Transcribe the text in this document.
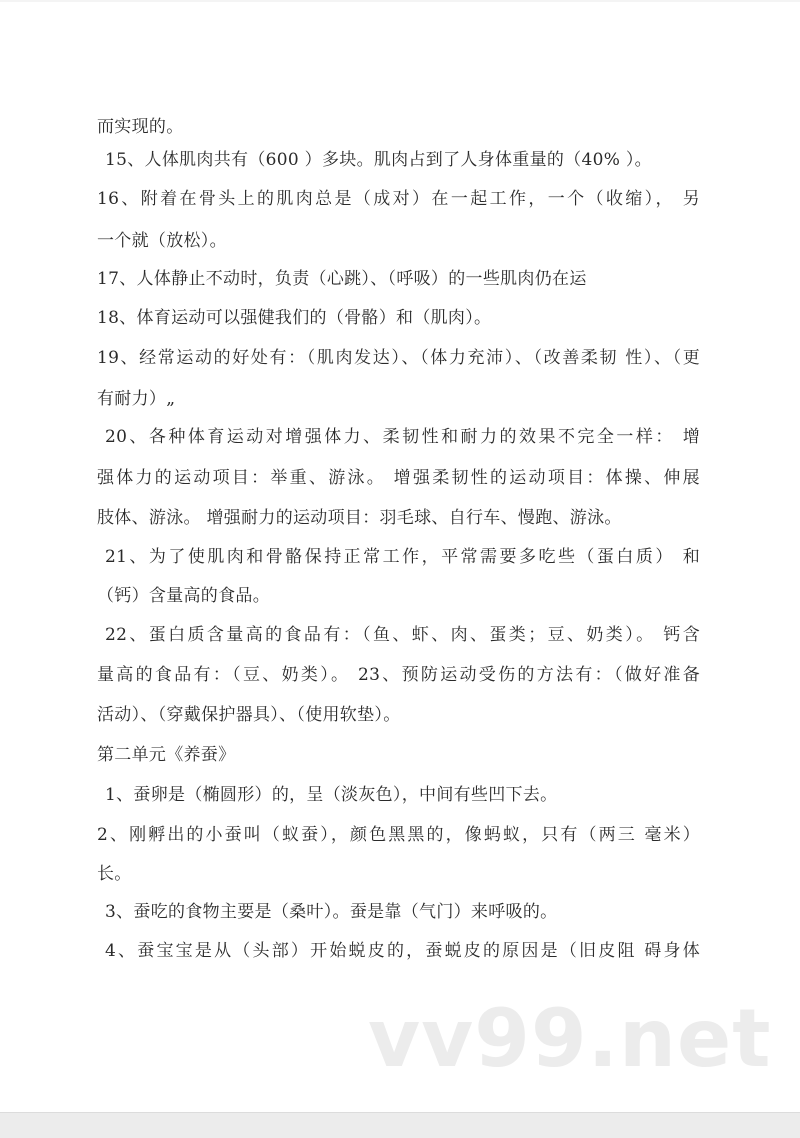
而实现的。
15、人体肌肉共有（600 ）多块。肌肉占到了人身体重量的（40% ）。
16、附着在骨头上的肌肉总是（成对）在一起工作，一个（收缩）， 另
一个就（放松）。
17、人体静止不动时，负责（心跳）、（呼吸）的一些肌肉仍在运
18、体育运动可以强健我们的（骨骼）和（肌肉）。
19、经常运动的好处有：（肌肉发达）、（体力充沛）、（改善柔韧 性）、（更
有耐力）„
20、各种体育运动对增强体力、柔韧性和耐力的效果不完全一样： 增
强体力的运动项目：举重、游泳。 增强柔韧性的运动项目：体操、伸展
肢体、游泳。 增强耐力的运动项目：羽毛球、自行车、慢跑、游泳。
21、为了使肌肉和骨骼保持正常工作，平常需要多吃些（蛋白质） 和
（钙）含量高的食品。
22、蛋白质含量高的食品有：（鱼、虾、肉、蛋类；豆、奶类）。 钙含
量高的食品有：（豆、奶类）。 23、预防运动受伤的方法有：（做好准备
活动）、（穿戴保护器具）、（使用软垫）。
第二单元《养蚕》
1、蚕卵是（椭圆形）的，呈（淡灰色），中间有些凹下去。
2、刚孵出的小蚕叫（蚁蚕），颜色黑黑的，像蚂蚁，只有（两三 毫米）
长。
3、蚕吃的食物主要是（桑叶）。蚕是靠（气门）来呼吸的。
4、蚕宝宝是从（头部）开始蜕皮的，蚕蜕皮的原因是（旧皮阻 碍身体
vv99.net
